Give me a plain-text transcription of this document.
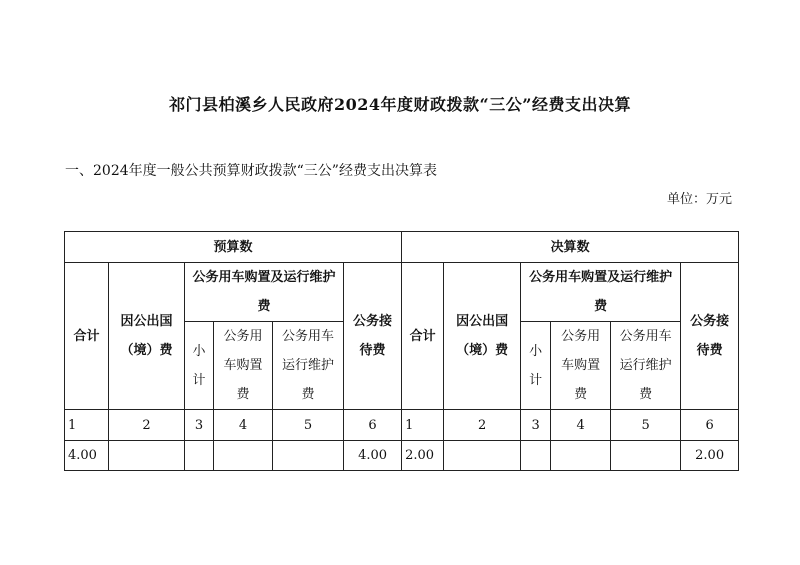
祁门县柏溪乡人民政府2024年度财政拨款“三公”经费支出决算
一、2024年度一般公共预算财政拨款“三公”经费支出决算表
单位：万元
预算数						决算数					
合计	因公出国（境）费	公务用车购置及运行维护费			公务接待费	合计	因公出国（境）费	公务用车购置及运行维护费			公务接待费
		小计	公务用车购置费	公务用车运行维护费				小计	公务用车购置费	公务用车运行维护费	
1	2	3	4	5	6	1	2	3	4	5	6
4.00					4.00	2.00					2.00
